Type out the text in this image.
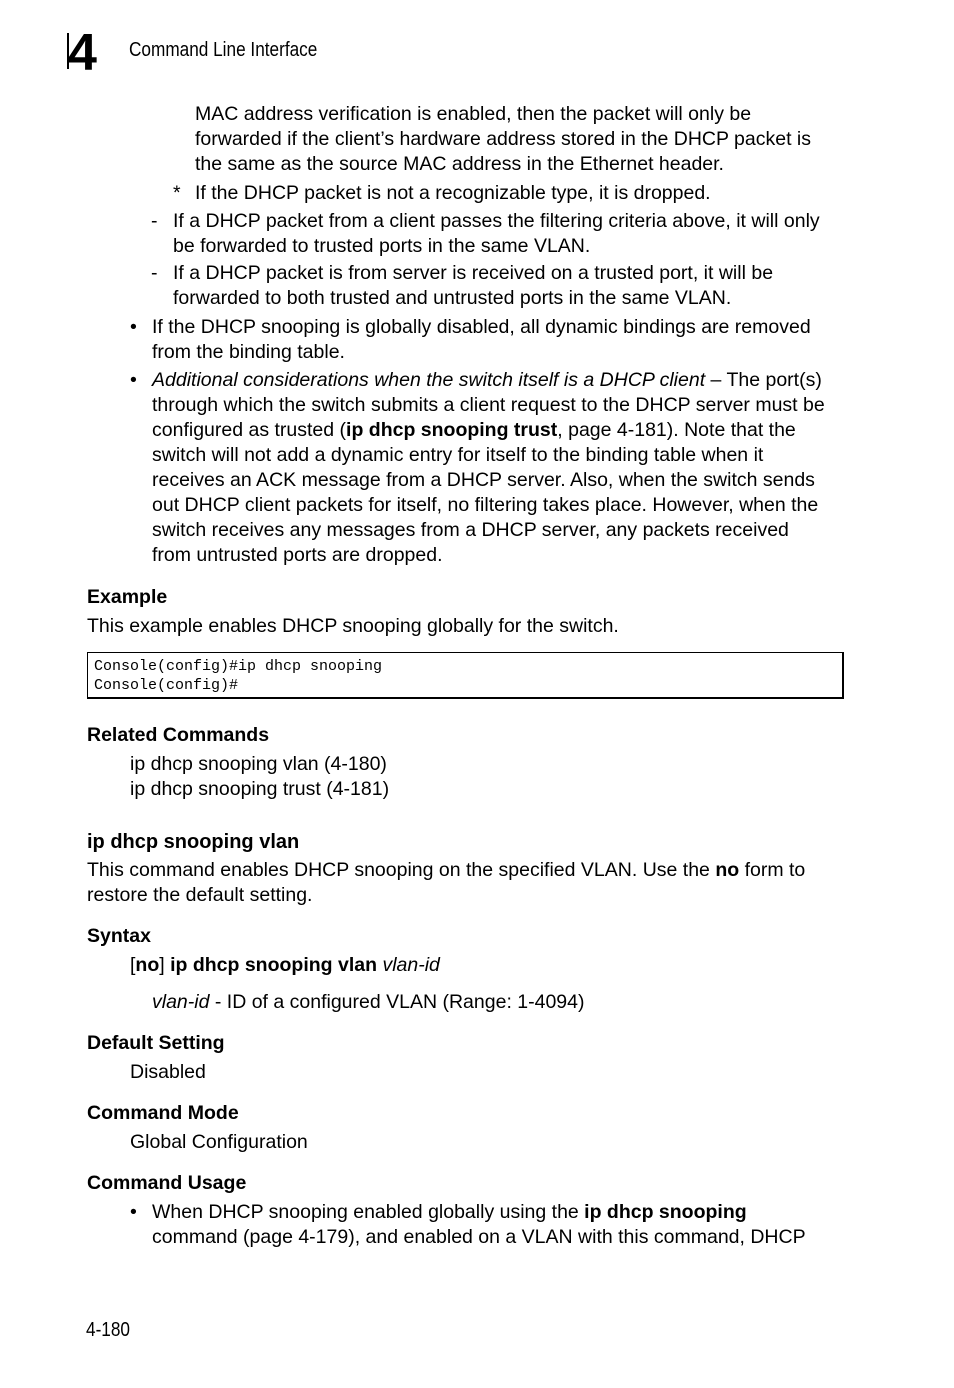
4	Command Line Interface
MAC address verification is enabled, then the packet will only be
forwarded if the client’s hardware address stored in the DHCP packet is
the same as the source MAC address in the Ethernet header.
* If the DHCP packet is not a recognizable type, it is dropped.
- If a DHCP packet from a client passes the filtering criteria above, it will only
be forwarded to trusted ports in the same VLAN.
- If a DHCP packet is from server is received on a trusted port, it will be
forwarded to both trusted and untrusted ports in the same VLAN.
• If the DHCP snooping is globally disabled, all dynamic bindings are removed
from the binding table.
• Additional considerations when the switch itself is a DHCP client – The port(s)
through which the switch submits a client request to the DHCP server must be
configured as trusted (ip dhcp snooping trust, page 4-181). Note that the
switch will not add a dynamic entry for itself to the binding table when it
receives an ACK message from a DHCP server. Also, when the switch sends
out DHCP client packets for itself, no filtering takes place. However, when the
switch receives any messages from a DHCP server, any packets received
from untrusted ports are dropped.
Example
This example enables DHCP snooping globally for the switch.
Console(config)#ip dhcp snooping
Console(config)#
Related Commands
ip dhcp snooping vlan (4-180)
ip dhcp snooping trust (4-181)
ip dhcp snooping vlan
This command enables DHCP snooping on the specified VLAN. Use the no form to
restore the default setting.
Syntax
[no] ip dhcp snooping vlan vlan-id
vlan-id - ID of a configured VLAN (Range: 1-4094)
Default Setting
Disabled
Command Mode
Global Configuration
Command Usage
• When DHCP snooping enabled globally using the ip dhcp snooping
command (page 4-179), and enabled on a VLAN with this command, DHCP
4-180
